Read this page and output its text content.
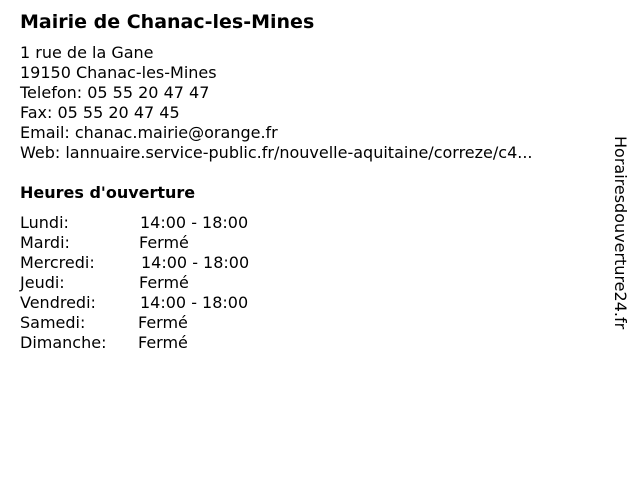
Mairie de Chanac-les-Mines
1 rue de la Gane
19150 Chanac-les-Mines
Telefon: 05 55 20 47 47
Fax: 05 55 20 47 45
Email: chanac.mairie@orange.fr
Web: lannuaire.service-public.fr/nouvelle-aquitaine/correze/c4...
Heures d'ouverture
Lundi:	14:00 - 18:00
Mardi:	Fermé
Mercredi:	14:00 - 18:00
Jeudi:	Fermé
Vendredi:	14:00 - 18:00
Samedi:	Fermé
Dimanche: Fermé
Horairesdouverture24.fr
